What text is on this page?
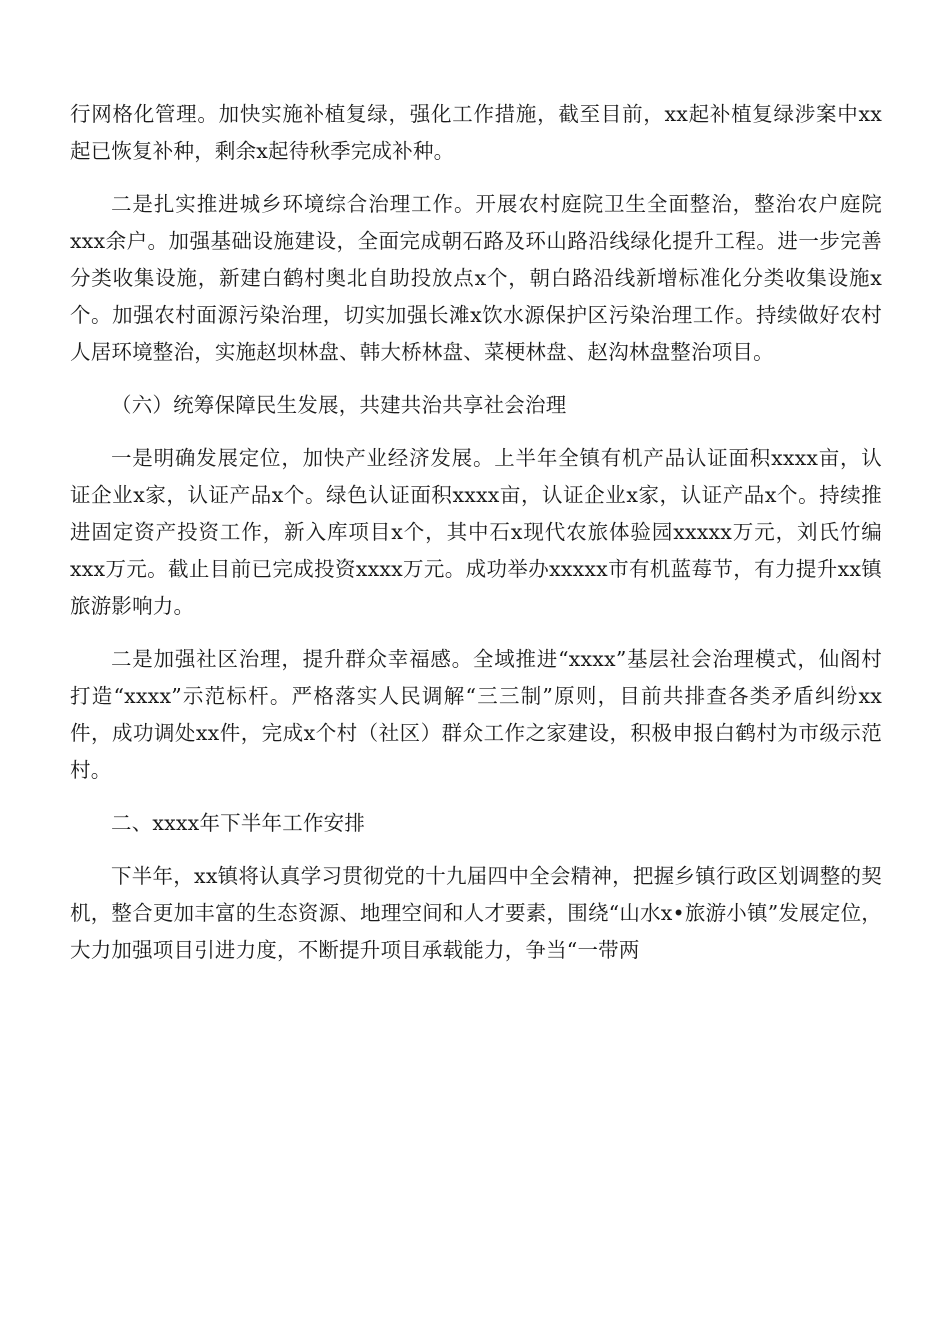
行网格化管理。加快实施补植复绿，强化工作措施，截至目前，xx起补植复绿涉案中xx起已恢复补种，剩余x起待秋季完成补种。

二是扎实推进城乡环境综合治理工作。开展农村庭院卫生全面整治，整治农户庭院xxx余户。加强基础设施建设，全面完成朝石路及环山路沿线绿化提升工程。进一步完善分类收集设施，新建白鹤村奥北自助投放点x个，朝白路沿线新增标准化分类收集设施x个。加强农村面源污染治理，切实加强长滩x饮水源保护区污染治理工作。持续做好农村人居环境整治，实施赵坝林盘、韩大桥林盘、菜梗林盘、赵沟林盘整治项目。

（六）统筹保障民生发展，共建共治共享社会治理

一是明确发展定位，加快产业经济发展。上半年全镇有机产品认证面积xxxx亩，认证企业x家，认证产品x个。绿色认证面积xxxx亩，认证企业x家，认证产品x个。持续推进固定资产投资工作，新入库项目x个，其中石x现代农旅体验园xxxxx万元，刘氏竹编xxx万元。截止目前已完成投资xxxx万元。成功举办xxxxx市有机蓝莓节，有力提升xx镇旅游影响力。

二是加强社区治理，提升群众幸福感。全域推进“xxxx”基层社会治理模式，仙阁村打造“xxxx”示范标杆。严格落实人民调解“三三制”原则，目前共排查各类矛盾纠纷xx件，成功调处xx件，完成x个村（社区）群众工作之家建设，积极申报白鹤村为市级示范村。

二、xxxx年下半年工作安排

下半年，xx镇将认真学习贯彻党的十九届四中全会精神，把握乡镇行政区划调整的契机，整合更加丰富的生态资源、地理空间和人才要素，围绕“山水x•旅游小镇”发展定位，大力加强项目引进力度，不断提升项目承载能力，争当“一带两
